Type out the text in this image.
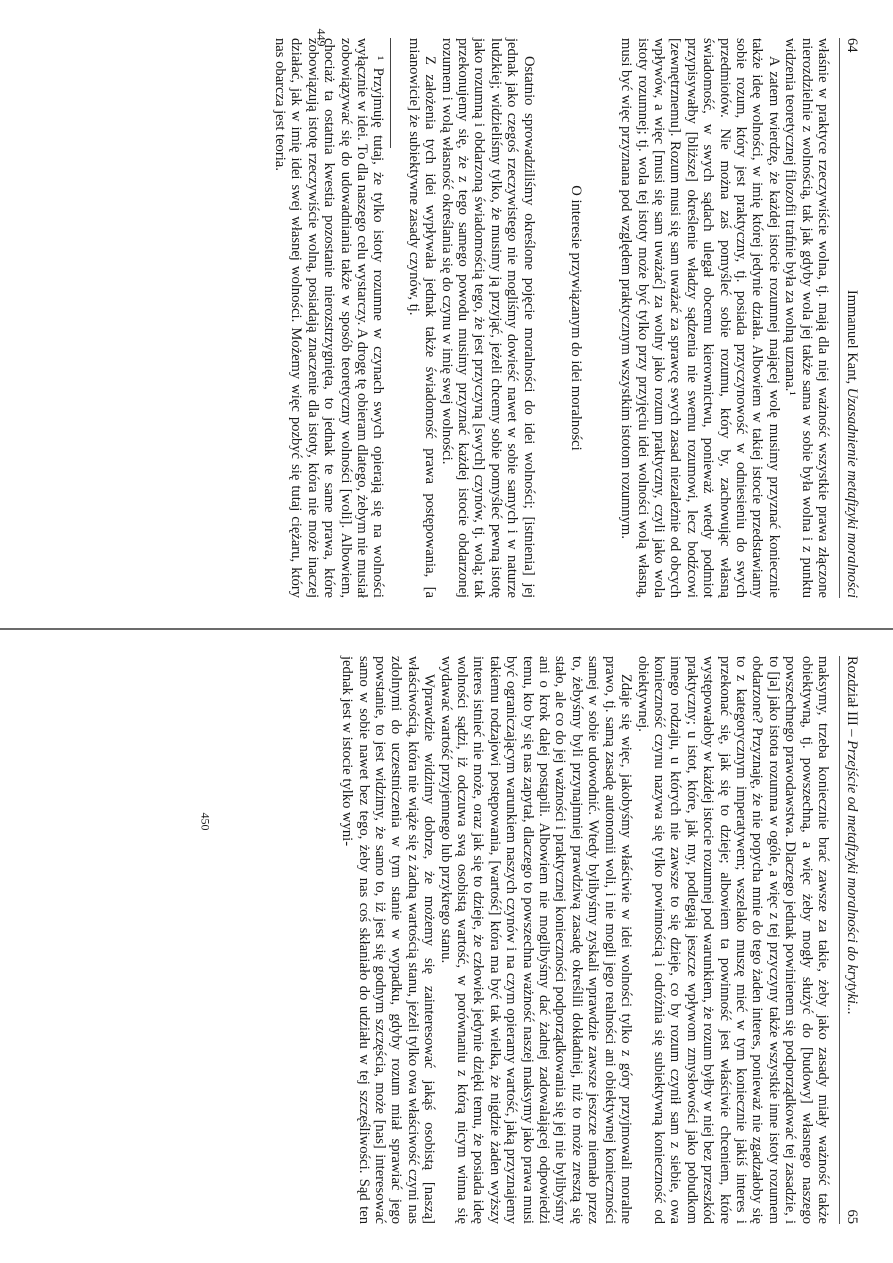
64
Immanuel Kant, Uzasadnienie metafizyki moralności

właśnie w praktyce rzeczywiście wolna, tj. mają dla niej ważność wszystkie prawa złączone nierozdzielnie z wolnością, tak jak gdyby wola jej także sama w sobie była wolna i z punktu widzenia teoretycznej filozofii trafnie była za wolną uznana.¹

A zatem twierdzę, że każdej istocie rozumnej mającej wolę musimy przyznać koniecznie także ideę wolności, w imię której jedynie działa. Albowiem w takiej istocie przedstawiamy sobie rozum, który jest praktyczny, tj. posiada przyczynowość w odniesieniu do swych przedmiotów. Nie można zaś pomyśleć sobie rozumu, który by, zachowując własną świadomość, w swych sądach ulegał obcemu kierownictwu, ponieważ wtedy podmiot przypisywałby [bliższe] określenie władzy sądzenia nie swemu rozumowi, lecz bodźcowi [zewnętrznemu]. Rozum musi się sam uważać za sprawcę swych zasad niezależnie od obcych wpływów, a więc [musi się sam uważać] za wolny jako rozum praktyczny, czyli jako wola istoty rozumnej; tj. wola tej istoty może być tylko przy przyjęciu idei wolności wolą własną, musi być więc przyznana pod względem praktycznym wszystkim istotom rozumnym.

O interesie przywiązanym do idei moralności

Ostatnio sprowadziliśmy określone pojęcie moralności do idei wolności; [istnienia] jej jednak jako czegoś rzeczywistego nie mogliśmy dowieść nawet w sobie samych i w naturze ludzkiej; widzieliśmy tylko, że musimy ją przyjąć, jeżeli chcemy sobie pomyśleć pewną istotę jako rozumną i obdarzoną świadomością tego, że jest przyczyną [swych] czynów, tj. wolą; tak przekonujemy się, że z tego samego powodu musimy przyznać każdej istocie obdarzonej rozumem i wolą własność określania się do czynu w imię swej wolności.

Z założenia tych idei wypływała jednak także świadomość prawa postępowania, [a mianowicie] że subiektywne zasady czynów, tj.

¹ Przyjmuję tutaj, że tylko istoty rozumne w czynach swych opierają się na wolności wyłącznie w idei. To dla naszego celu wystarczy. A drogę tę obieram dlatego, żebym nie musiał zobowiązywać się do udowadniania także w sposób teoretyczny wolności [woli]. Albowiem, chociaż ta ostatnia kwestia pozostanie nierozstrzygnięta, to jednak te same prawa, które zobowiązują istotę rzeczywiście wolną, posiadają znaczenie dla istoty, która nie może inaczej działać, jak w imię idei swej własnej wolności. Możemy więc pozbyć się tutaj ciężaru, który nas obarcza jest teoria.

449
Rozdział III – Przejście od metafizyki moralności do krytyki...
65

maksymy, trzeba koniecznie brać zawsze za takie, żeby jako zasady miały ważność także obiektywną, tj. powszechną, a więc żeby mogły służyć do [budowy] własnego naszego powszechnego prawodawstwa. Dlaczego jednak powinienem się podporządkować tej zasadzie, i to [ja] jako istota rozumna w ogóle, a więc z tej przyczyny także wszystkie inne istoty rozumem obdarzone? Przyznaję, że nie popycha mnie do tego żaden interes, ponieważ nie zgadzałoby się to z kategorycznym imperatywem; wszelako muszę mieć w tym koniecznie jakiś interes i przekonać się, jak się to dzieje; albowiem ta powinność jest właściwie chceniem, które występowałoby w każdej istocie rozumnej pod warunkiem, że rozum byłby w niej bez przeszkód praktyczny; u istot, które, jak my, podlegają jeszcze wpływom zmysłowości jako pobudkom innego rodzaju, u których nie zawsze to się dzieje, co by rozum czynił sam z siebie, owa konieczność czynu nazywa się tylko powinnością i odróżnia się subiektywną konieczność od obiektywnej.

Zdaje się więc, jakobyśmy właściwie w idei wolności tylko z góry przyjmowali moralne prawo, tj. samą zasadę autonomii woli, i nie mogli jego realności ani obiektywnej konieczności samej w sobie udowodnić. Wtedy bylibyśmy zyskali wprawdzie zawsze jeszcze niemało przez to, żebyśmy byli przynajmniej prawdziwą zasadę określili dokładniej, niż to może zresztą się stało, ale co do jej ważności i praktycznej konieczności podporządkowania się jej nie bylibyśmy ani o krok dalej postąpili. Albowiem nie moglibyśmy dać żadnej zadowalającej odpowiedzi temu, kto by się nas zapytał, dlaczego to powszechna ważność naszej maksymy jako prawa musi być ograniczającym warunkiem naszych czynów i na czym opieramy wartość, jaką przyznajemy takiemu rodzajowi postępowania, [wartość] która ma być tak wielka, że nigdzie żaden wyższy interes istnieć nie może, oraz jak się to dzieje, że człowiek jedynie dzięki temu, że posiada ideę wolności sądzi, iż odczuwa swą osobistą wartość, w porównaniu z którą nicym winna się wydawać wartość przyjemnego lub przykrego stanu.

Wprawdzie widzimy dobrze, że możemy się zainteresować jakąś osobistą [naszą] właściwością, która nie wiąże się z żadną wartością stanu, jeżeli tylko owa właściwość czyni nas zdolnymi do uczestniczenia w tym stanie w wypadku, gdyby rozum miał sprawiać jego powstanie, to jest widzimy, że samo to, iż jest się godnym szczęścia, może [nas] interesować samo w sobie nawet bez tego, żeby nas coś skłaniało do udziału w tej szczęśliwości. Sąd ten jednak jest w istocie tylko wyni-

450
